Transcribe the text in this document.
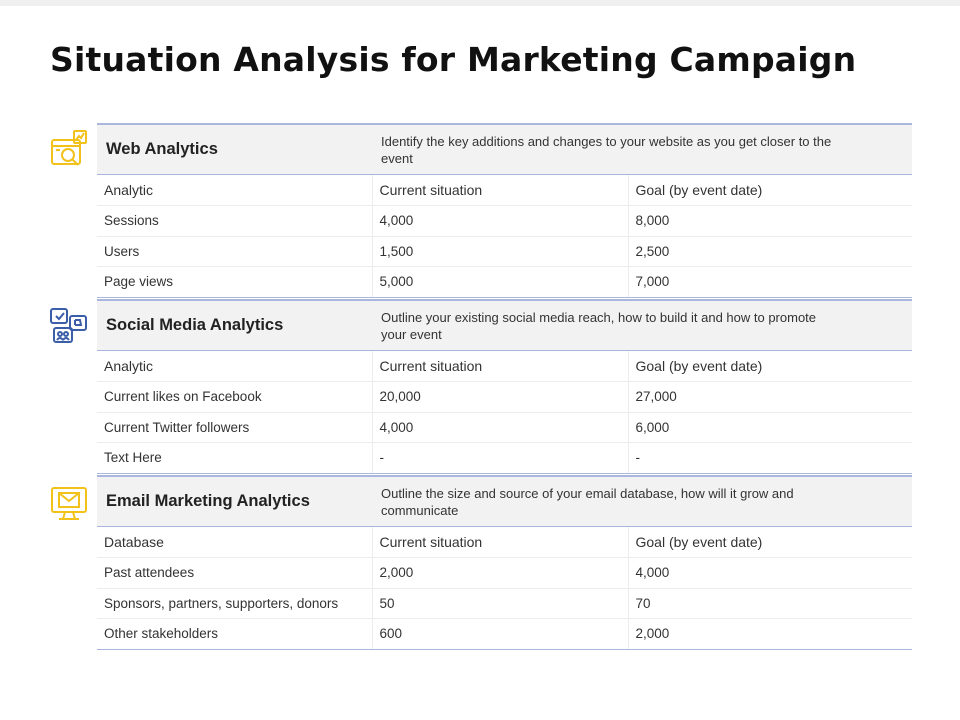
Situation Analysis for Marketing Campaign
Web Analytics	Identify the key additions and changes to your website as you get closer to the event
Analytic	Current situation	Goal (by event date)
Sessions	4,000	8,000
Users	1,500	2,500
Page views	5,000	7,000
Social Media Analytics	Outline your existing social media reach, how to build it and how to promote your event
Analytic	Current situation	Goal (by event date)
Current likes on Facebook	20,000	27,000
Current Twitter followers	4,000	6,000
Text Here	-	-
Email Marketing Analytics	Outline the size and source of your email database, how will it grow and communicate
Database	Current situation	Goal (by event date)
Past attendees	2,000	4,000
Sponsors, partners, supporters, donors	50	70
Other stakeholders	600	2,000
